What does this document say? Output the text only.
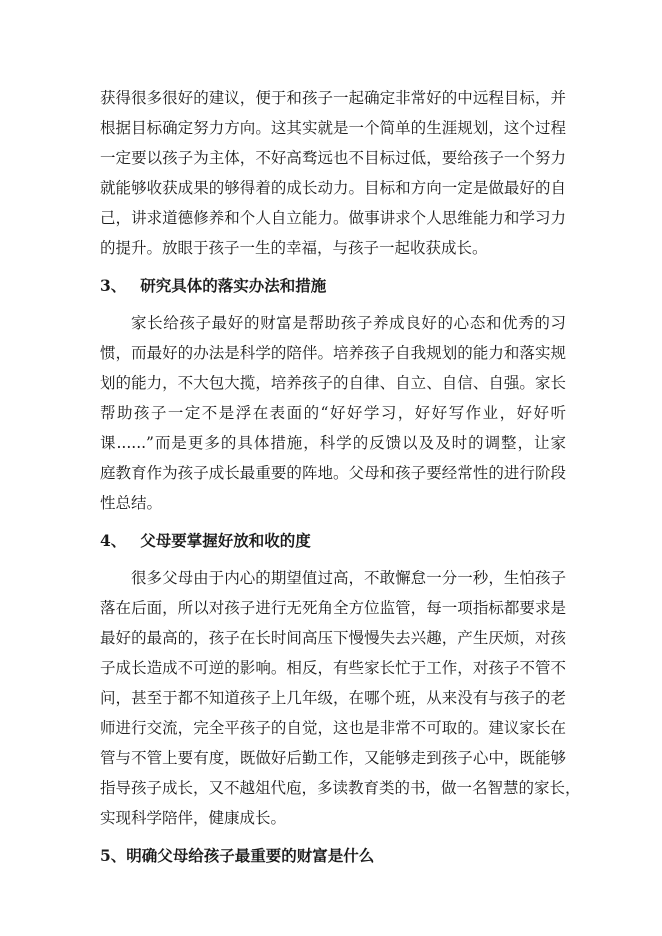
获得很多很好的建议，便于和孩子一起确定非常好的中远程目标，并
根据目标确定努力方向。这其实就是一个简单的生涯规划，这个过程
一定要以孩子为主体，不好高骛远也不目标过低，要给孩子一个努力
就能够收获成果的够得着的成长动力。目标和方向一定是做最好的自
己，讲求道德修养和个人自立能力。做事讲求个人思维能力和学习力
的提升。放眼于孩子一生的幸福，与孩子一起收获成长。
3、 研究具体的落实办法和措施
家长给孩子最好的财富是帮助孩子养成良好的心态和优秀的习
惯，而最好的办法是科学的陪伴。培养孩子自我规划的能力和落实规
划的能力，不大包大揽，培养孩子的自律、自立、自信、自强。家长
帮助孩子一定不是浮在表面的“好好学习，好好写作业，好好听
课......”而是更多的具体措施，科学的反馈以及及时的调整，让家
庭教育作为孩子成长最重要的阵地。父母和孩子要经常性的进行阶段
性总结。
4、 父母要掌握好放和收的度
很多父母由于内心的期望值过高，不敢懈怠一分一秒，生怕孩子
落在后面，所以对孩子进行无死角全方位监管，每一项指标都要求是
最好的最高的，孩子在长时间高压下慢慢失去兴趣，产生厌烦，对孩
子成长造成不可逆的影响。相反，有些家长忙于工作，对孩子不管不
问，甚至于都不知道孩子上几年级，在哪个班，从来没有与孩子的老
师进行交流，完全平孩子的自觉，这也是非常不可取的。建议家长在
管与不管上要有度，既做好后勤工作，又能够走到孩子心中，既能够
指导孩子成长，又不越俎代庖，多读教育类的书，做一名智慧的家长，
实现科学陪伴，健康成长。
5、明确父母给孩子最重要的财富是什么
